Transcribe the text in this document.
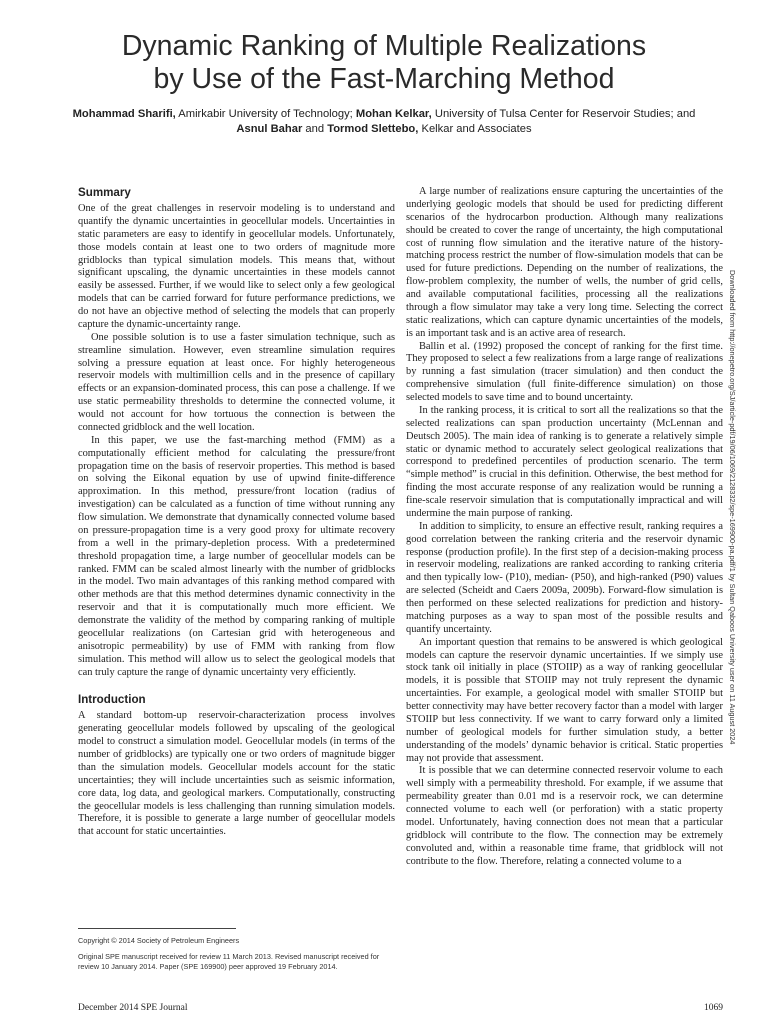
Dynamic Ranking of Multiple Realizations
by Use of the Fast-Marching Method
Mohammad Sharifi, Amirkabir University of Technology; Mohan Kelkar, University of Tulsa Center for Reservoir Studies; and Asnul Bahar and Tormod Slettebo, Kelkar and Associates
Summary

One of the great challenges in reservoir modeling is to understand and quantify the dynamic uncertainties in geocellular models. Uncertainties in static parameters are easy to identify in geocellular models. Unfortunately, those models contain at least one to two orders of magnitude more gridblocks than typical simulation models. This means that, without significant upscaling, the dynamic uncertainties in these models cannot easily be assessed. Further, if we would like to select only a few geological models that can be carried forward for future performance predictions, we do not have an objective method of selecting the models that can properly capture the dynamic-uncertainty range.

One possible solution is to use a faster simulation technique, such as streamline simulation. However, even streamline simulation requires solving a pressure equation at least once. For highly heterogeneous reservoir models with multimillion cells and in the presence of capillary effects or an expansion-dominated process, this can pose a challenge. If we use static permeability thresholds to determine the connected volume, it would not account for how tortuous the connection is between the connected gridblock and the well location.

In this paper, we use the fast-marching method (FMM) as a computationally efficient method for calculating the pressure/front propagation time on the basis of reservoir properties. This method is based on solving the Eikonal equation by use of upwind finite-difference approximation. In this method, pressure/front location (radius of investigation) can be calculated as a function of time without running any flow simulation. We demonstrate that dynamically connected volume based on pressure-propagation time is a very good proxy for ultimate recovery from a well in the primary-depletion process. With a predetermined threshold propagation time, a large number of geocellular models can be ranked. FMM can be scaled almost linearly with the number of gridblocks in the model. Two main advantages of this ranking method compared with other methods are that this method determines dynamic connectivity in the reservoir and that it is computationally much more efficient. We demonstrate the validity of the method by comparing ranking of multiple geocellular realizations (on Cartesian grid with heterogeneous and anisotropic permeability) by use of FMM with ranking from flow simulation. This method will allow us to select the geological models that can truly capture the range of dynamic uncertainty very efficiently.

Introduction

A standard bottom-up reservoir-characterization process involves generating geocellular models followed by upscaling of the geological model to construct a simulation model. Geocellular models (in terms of the number of gridblocks) are typically one or two orders of magnitude bigger than the simulation models. Geocellular models account for the static uncertainties; they will include uncertainties such as seismic information, core data, log data, and geological markers. Computationally, constructing the geocellular models is less challenging than running simulation models. Therefore, it is possible to generate a large number of geocellular models that account for static uncertainties.

A large number of realizations ensure capturing the uncertainties of the underlying geologic models that should be used for predicting different scenarios of the hydrocarbon production. Although many realizations should be created to cover the range of uncertainty, the high computational cost of running flow simulation and the iterative nature of the history-matching process restrict the number of flow-simulation models that can be used for future predictions. Depending on the number of realizations, the flow-problem complexity, the number of wells, the number of grid cells, and available computational facilities, processing all the realizations through a flow simulator may take a very long time. Selecting the correct static realizations, which can capture dynamic uncertainties of the models, is an important task and is an active area of research.

Ballin et al. (1992) proposed the concept of ranking for the first time. They proposed to select a few realizations from a large range of realizations by running a fast simulation (tracer simulation) and then conduct the comprehensive simulation (full finite-difference simulation) on those selected models to save time and to bound uncertainty.

In the ranking process, it is critical to sort all the realizations so that the selected realizations can span production uncertainty (McLennan and Deutsch 2005). The main idea of ranking is to generate a relatively simple static or dynamic method to accurately select geological realizations that correspond to predefined percentiles of production scenario. The term “simple method” is crucial in this definition. Otherwise, the best method for finding the most accurate response of any realization would be running a fine-scale reservoir simulation that is computationally impractical and will undermine the main purpose of ranking.

In addition to simplicity, to ensure an effective result, ranking requires a good correlation between the ranking criteria and the reservoir dynamic response (production profile). In the first step of a decision-making process in reservoir modeling, realizations are ranked according to ranking criteria and then typically low- (P10), median- (P50), and high-ranked (P90) values are selected (Scheidt and Caers 2009a, 2009b). Forward-flow simulation is then performed on these selected realizations for prediction and history-matching purposes as a way to span most of the possible results and quantify uncertainty.

An important question that remains to be answered is which geological models can capture the reservoir dynamic uncertainties. If we simply use stock tank oil initially in place (STOIIP) as a way of ranking geocellular models, it is possible that STOIIP may not truly represent the dynamic uncertainties. For example, a geological model with smaller STOIIP but better connectivity may have better recovery factor than a model with larger STOIIP but less connectivity. If we want to carry forward only a limited number of geological models for further simulation study, a better understanding of the models’ dynamic behavior is critical. Static properties may not provide that assessment.

It is possible that we can determine connected reservoir volume to each well simply with a permeability threshold. For example, if we assume that permeability greater than 0.01 md is a reservoir rock, we can determine connected volume to each well (or perforation) with a static property model. Unfortunately, having connection does not mean that a particular gridblock will contribute to the flow. The connection may be extremely convoluted and, within a reasonable time frame, that gridblock will not contribute to the flow. Therefore, relating a connected volume to a

Copyright © 2014 Society of Petroleum Engineers

Original SPE manuscript received for review 11 March 2013. Revised manuscript received for review 10 January 2014. Paper (SPE 169900) peer approved 19 February 2014.

December 2014 SPE Journal	1069
Downloaded from http://onepetro.org/SJ/article-pdf/19/06/1069/2128332/spe-169900-pa.pdf/1 by Sultan Qaboos University user on 11 August 2024
